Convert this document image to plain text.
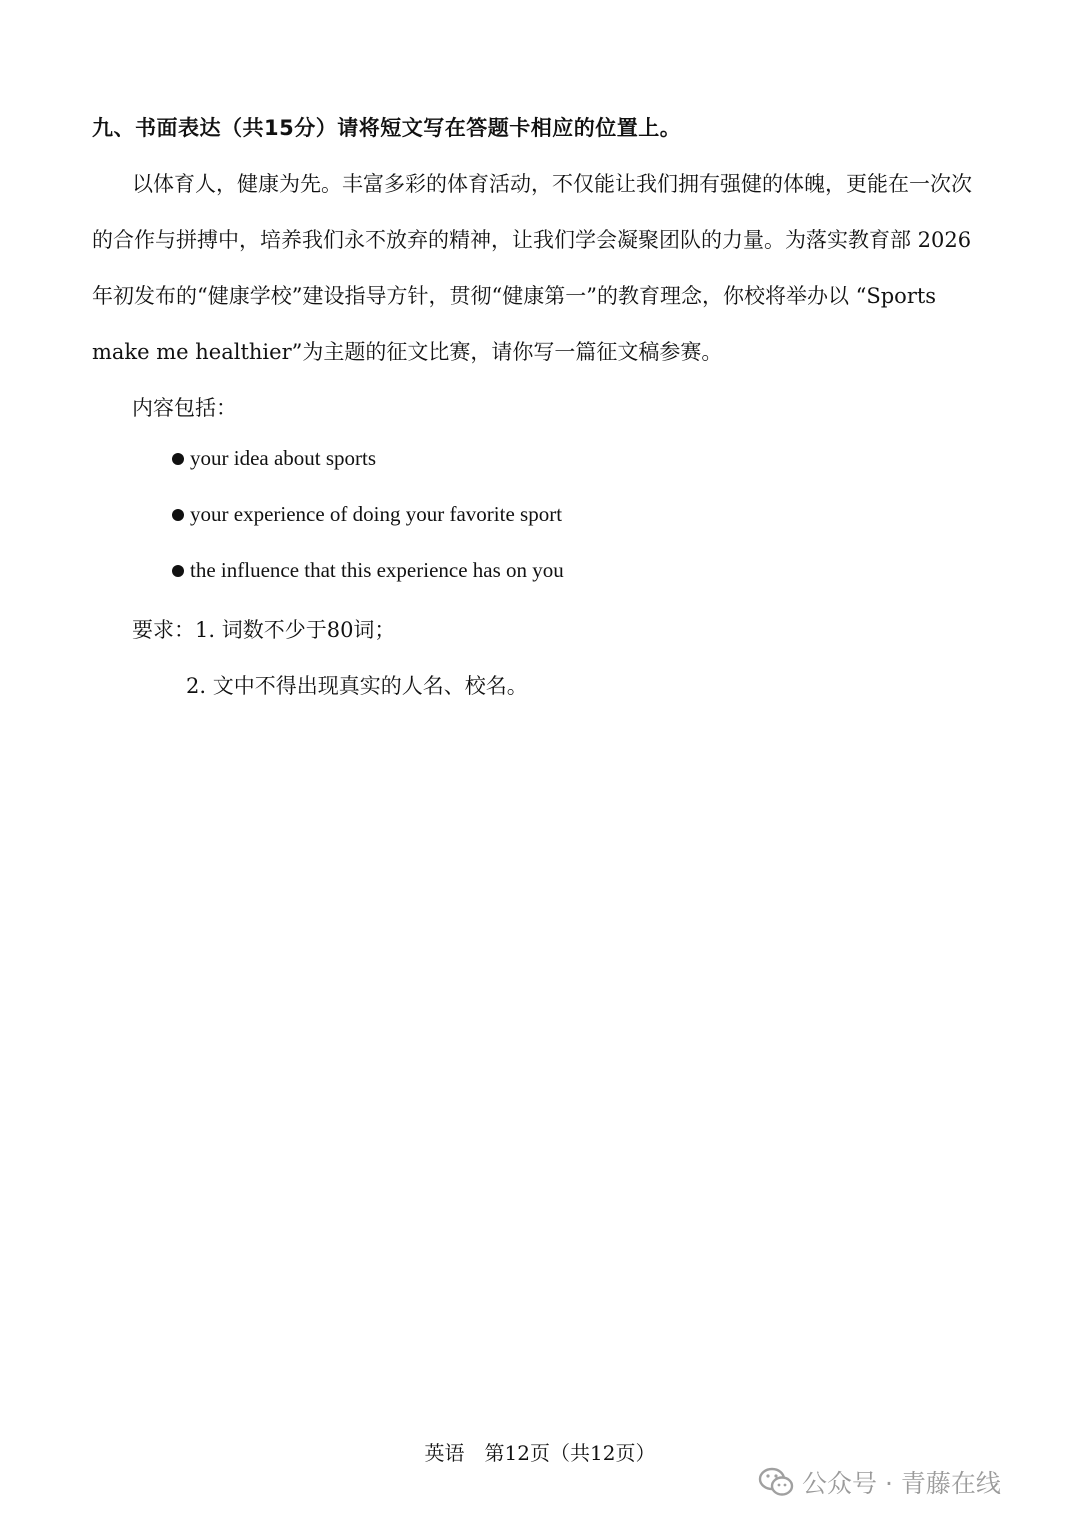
九、书面表达（共15分）请将短文写在答题卡相应的位置上。
以体育人，健康为先。丰富多彩的体育活动，不仅能让我们拥有强健的体魄，更能在一次次
的合作与拼搏中，培养我们永不放弃的精神，让我们学会凝聚团队的力量。为落实教育部 2026
年初发布的“健康学校”建设指导方针，贯彻“健康第一”的教育理念，你校将举办以 “Sports
make me healthier”为主题的征文比赛，请你写一篇征文稿参赛。
内容包括：
your idea about sports
your experience of doing your favorite sport
the influence that this experience has on you
要求：1. 词数不少于80词；
2. 文中不得出现真实的人名、校名。
英语　第12页（共12页）
公众号 · 青藤在线
